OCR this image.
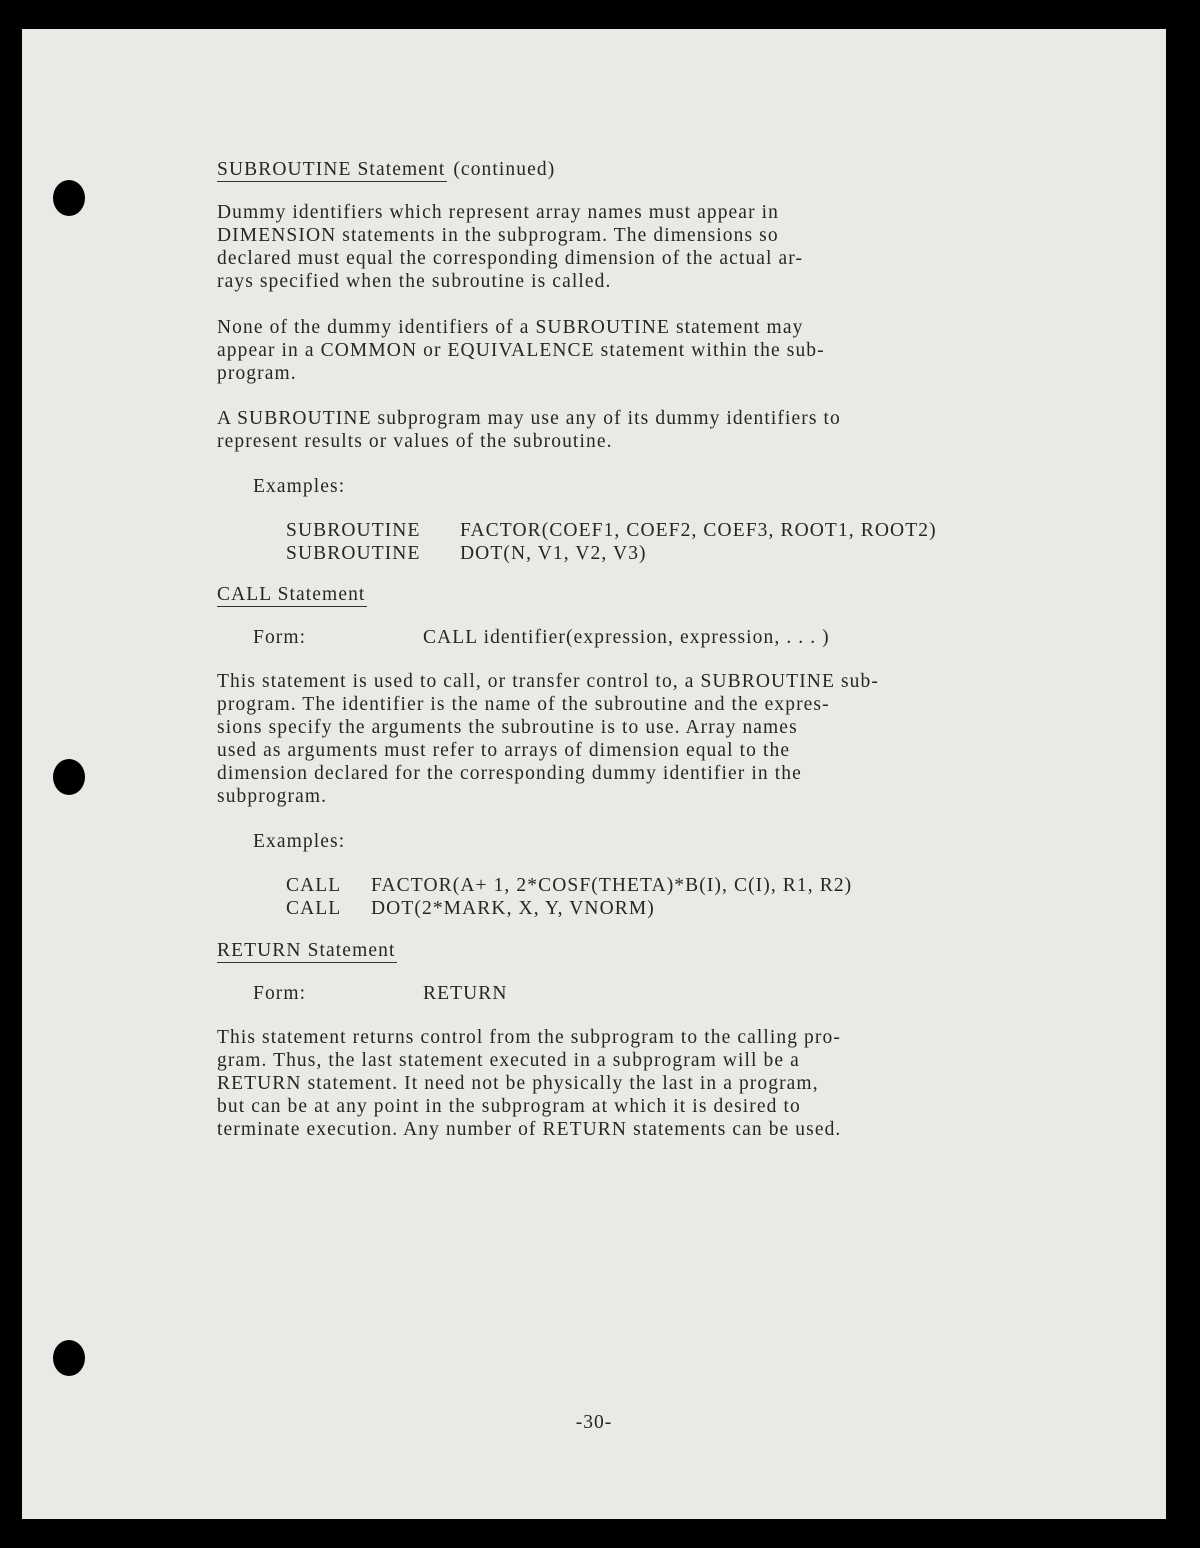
SUBROUTINE Statement (continued)

Dummy identifiers which represent array names must appear in
DIMENSION statements in the subprogram. The dimensions so
declared must equal the corresponding dimension of the actual ar-
rays specified when the subroutine is called.

None of the dummy identifiers of a SUBROUTINE statement may
appear in a COMMON or EQUIVALENCE statement within the sub-
program.

A SUBROUTINE subprogram may use any of its dummy identifiers to
represent results or values of the subroutine.

Examples:
SUBROUTINE FACTOR(COEF1, COEF2, COEF3, ROOT1, ROOT2)
SUBROUTINE DOT(N, V1, V2, V3)
CALL Statement
Form:	CALL identifier(expression, expression, . . . )

This statement is used to call, or transfer control to, a SUBROUTINE sub-
program. The identifier is the name of the subroutine and the expres-
sions specify the arguments the subroutine is to use. Array names
used as arguments must refer to arrays of dimension equal to the
dimension declared for the corresponding dummy identifier in the
subprogram.

Examples:
CALL FACTOR(A+ 1, 2*COSF(THETA)*B(I), C(I), R1, R2)
CALL DOT(2*MARK, X, Y, VNORM)
RETURN Statement
Form:	RETURN

This statement returns control from the subprogram to the calling pro-
gram. Thus, the last statement executed in a subprogram will be a
RETURN statement. It need not be physically the last in a program,
but can be at any point in the subprogram at which it is desired to
terminate execution. Any number of RETURN statements can be used.

-30-
